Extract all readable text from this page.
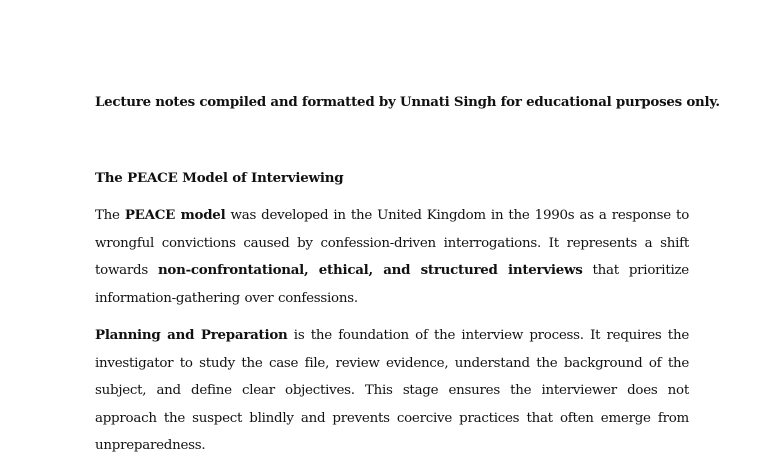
Lecture notes compiled and formatted by Unnati Singh for educational purposes only.

The PEACE Model of Interviewing

The PEACE model was developed in the United Kingdom in the 1990s as a response to wrongful convictions caused by confession-driven interrogations. It represents a shift towards non-confrontational, ethical, and structured interviews that prioritize information-gathering over confessions.

Planning and Preparation is the foundation of the interview process. It requires the investigator to study the case file, review evidence, understand the background of the subject, and define clear objectives. This stage ensures the interviewer does not approach the suspect blindly and prevents coercive practices that often emerge from unpreparedness.
